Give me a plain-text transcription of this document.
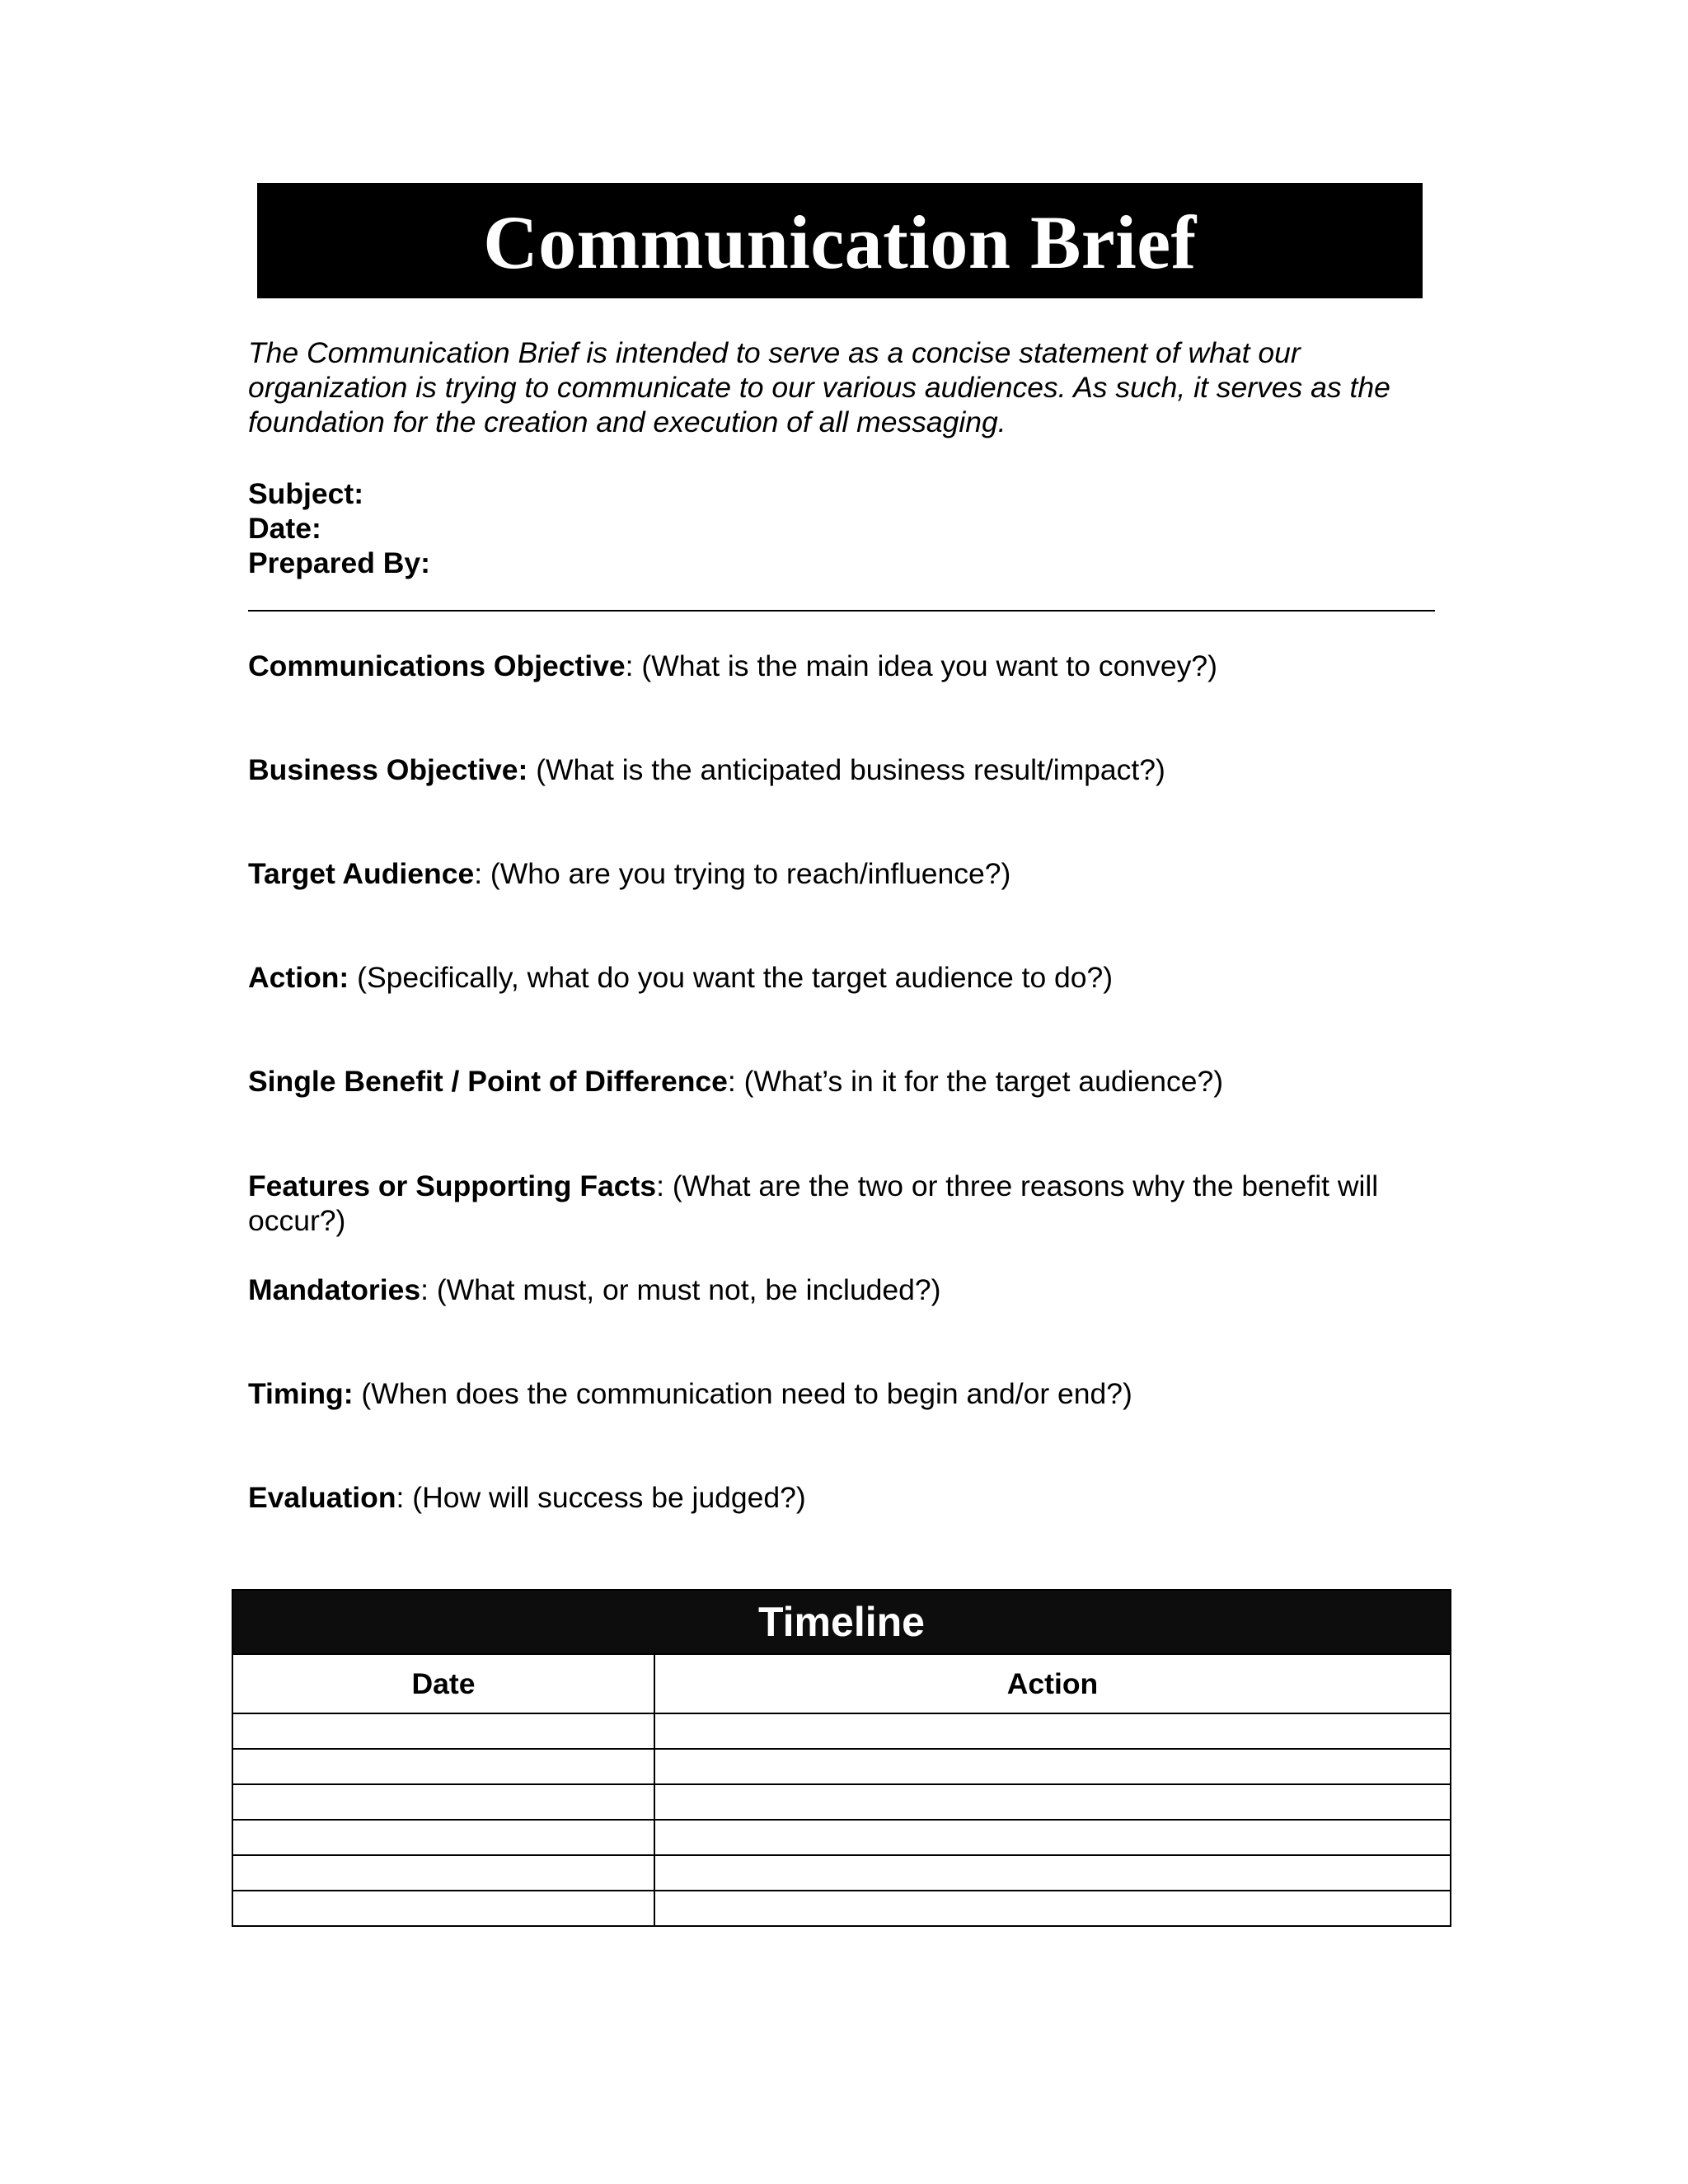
Communication Brief

The Communication Brief is intended to serve as a concise statement of what our organization is trying to communicate to our various audiences. As such, it serves as the foundation for the creation and execution of all messaging.

Subject:
Date:
Prepared By:

Communications Objective: (What is the main idea you want to convey?)

Business Objective: (What is the anticipated business result/impact?)

Target Audience: (Who are you trying to reach/influence?)

Action: (Specifically, what do you want the target audience to do?)

Single Benefit / Point of Difference: (What’s in it for the target audience?)

Features or Supporting Facts: (What are the two or three reasons why the benefit will occur?)

Mandatories: (What must, or must not, be included?)

Timing: (When does the communication need to begin and/or end?)

Evaluation: (How will success be judged?)

Timeline
Date	Action
